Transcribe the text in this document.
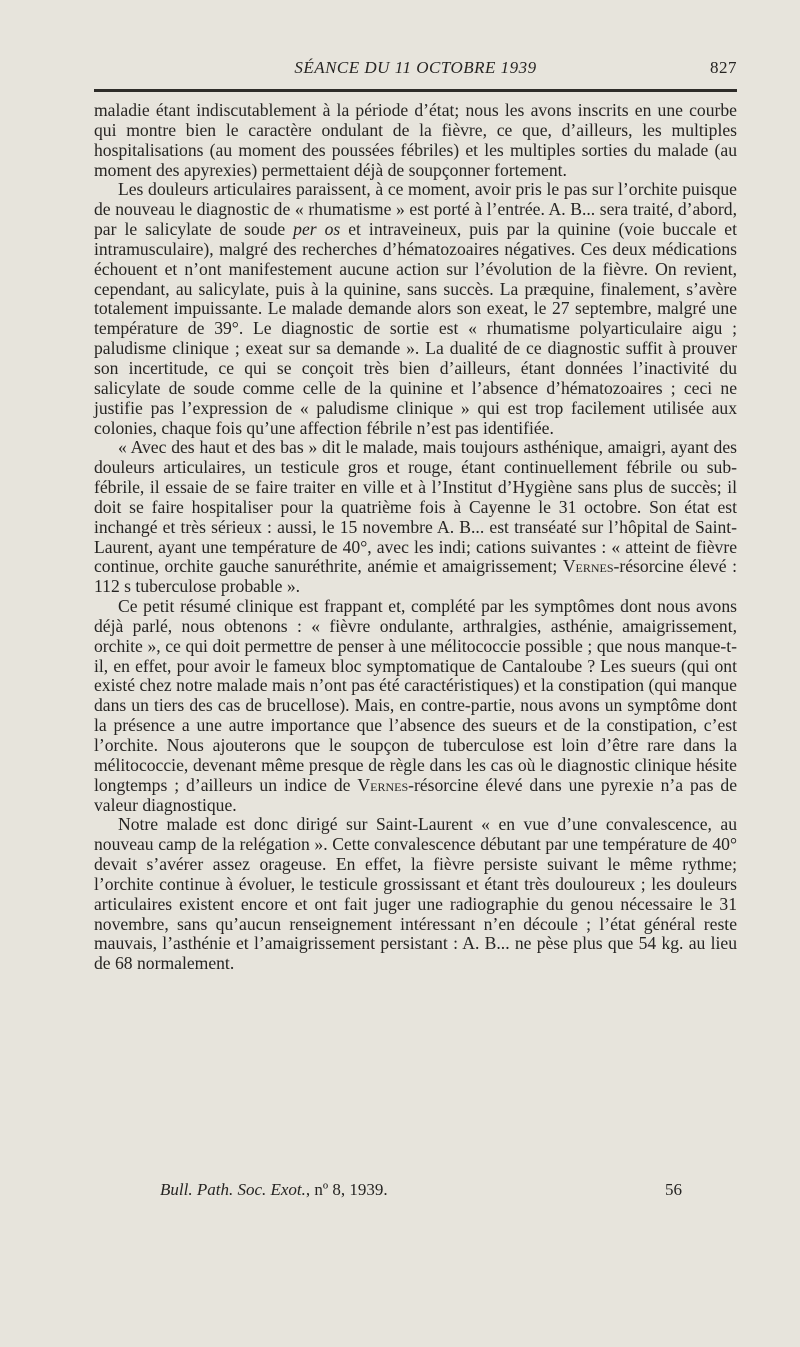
SÉANCE DU 11 OCTOBRE 1939	827

maladie étant indiscutablement à la période d’état; nous les avons inscrits en une courbe qui montre bien le caractère ondulant de la fièvre, ce que, d’ailleurs, les multiples hospitalisations (au moment des poussées fébriles) et les multiples sorties du malade (au moment des apyrexies) permettaient déjà de soupçonner fortement.

Les douleurs articulaires paraissent, à ce moment, avoir pris le pas sur l’orchite puisque de nouveau le diagnostic de « rhumatisme » est porté à l’entrée. A. B... sera traité, d’abord, par le salicylate de soude per os et intraveineux, puis par la quinine (voie buccale et intramusculaire), malgré des recherches d’hématozoaires négatives. Ces deux médications échouent et n’ont manifestement aucune action sur l’évolution de la fièvre. On revient, cependant, au salicylate, puis à la quinine, sans succès. La præquine, finalement, s’avère totalement impuissante. Le malade demande alors son exeat, le 27 septembre, malgré une température de 39°. Le diagnostic de sortie est « rhumatisme polyarticulaire aigu ; paludisme clinique ; exeat sur sa demande ». La dualité de ce diagnostic suffit à prouver son incertitude, ce qui se conçoit très bien d’ailleurs, étant données l’inactivité du salicylate de soude comme celle de la quinine et l’absence d’hématozoaires ; ceci ne justifie pas l’expression de « paludisme clinique » qui est trop facilement utilisée aux colonies, chaque fois qu’une affection fébrile n’est pas identifiée.

« Avec des haut et des bas » dit le malade, mais toujours asthénique, amaigri, ayant des douleurs articulaires, un testicule gros et rouge, étant continuellement fébrile ou sub-fébrile, il essaie de se faire traiter en ville et à l’Institut d’Hygiène sans plus de succès; il doit se faire hospitaliser pour la quatrième fois à Cayenne le 31 octobre. Son état est inchangé et très sérieux : aussi, le 15 novembre A. B... est transéaté sur l’hôpital de Saint-Laurent, ayant une température de 40°, avec les indi; cations suivantes : « atteint de fièvre continue, orchite gauche sanuréthrite, anémie et amaigrissement; Vernes-résorcine élevé : 112 s tuberculose probable ».

Ce petit résumé clinique est frappant et, complété par les symptômes dont nous avons déjà parlé, nous obtenons : « fièvre ondulante, arthralgies, asthénie, amaigrissement, orchite », ce qui doit permettre de penser à une mélitococcie possible ; que nous manque-t-il, en effet, pour avoir le fameux bloc symptomatique de Cantaloube ? Les sueurs (qui ont existé chez notre malade mais n’ont pas été caractéristiques) et la constipation (qui manque dans un tiers des cas de brucellose). Mais, en contre-partie, nous avons un symptôme dont la présence a une autre importance que l’absence des sueurs et de la constipation, c’est l’orchite. Nous ajouterons que le soupçon de tuberculose est loin d’être rare dans la mélitococcie, devenant même presque de règle dans les cas où le diagnostic clinique hésite longtemps ; d’ailleurs un indice de Vernes-résorcine élevé dans une pyrexie n’a pas de valeur diagnostique.

Notre malade est donc dirigé sur Saint-Laurent « en vue d’une convalescence, au nouveau camp de la relégation ». Cette convalescence débutant par une température de 40° devait s’avérer assez orageuse. En effet, la fièvre persiste suivant le même rythme; l’orchite continue à évoluer, le testicule grossissant et étant très douloureux ; les douleurs articulaires existent encore et ont fait juger une radiographie du genou nécessaire le 31 novembre, sans qu’aucun renseignement intéressant n’en découle ; l’état général reste mauvais, l’asthénie et l’amaigrissement persistant : A. B... ne pèse plus que 54 kg. au lieu de 68 normalement.

Bull. Path. Soc. Exot., nº 8, 1939.	56
